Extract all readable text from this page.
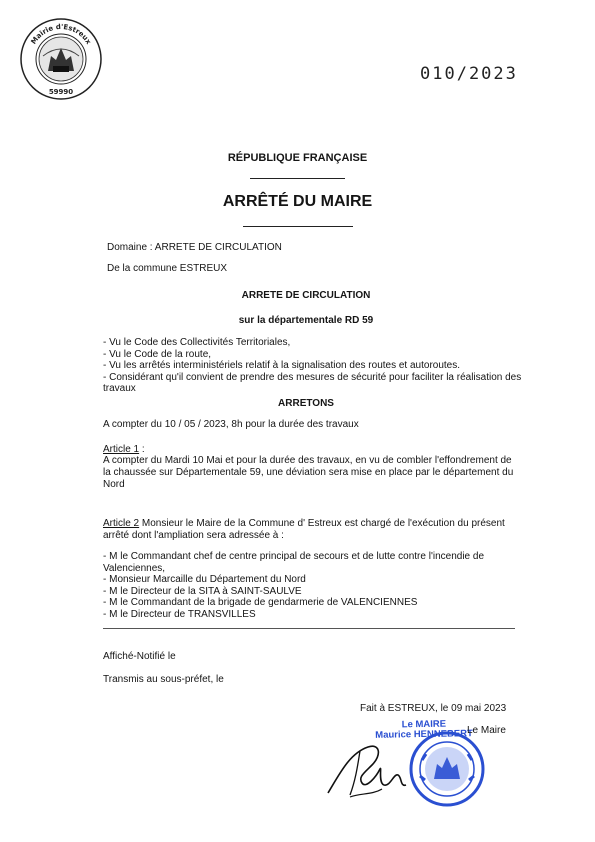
Mairie d'Estreux
59990
010/2023
RÉPUBLIQUE FRANÇAISE
ARRÊTÉ DU MAIRE
Domaine : ARRETE DE CIRCULATION
De la commune ESTREUX
ARRETE DE CIRCULATION
sur la départementale RD 59
- Vu le Code des Collectivités Territoriales,
- Vu le Code de la route,
- Vu les arrêtés interministériels relatif à la signalisation des routes et autoroutes.
- Considérant qu'il convient de prendre des mesures de sécurité pour faciliter la réalisation des travaux
ARRETONS
A compter du 10 / 05 / 2023, 8h pour la durée des travaux
Article 1 :
A compter du Mardi 10 Mai et pour la durée des travaux, en vu de combler l'effondrement de la chaussée sur Départementale 59, une déviation sera mise en place par le département du Nord
Article 2 Monsieur le Maire de la Commune d' Estreux est chargé de l'exécution du présent arrêté dont l'ampliation sera adressée à :
- M le Commandant chef de centre principal de secours et de lutte contre l'incendie de Valenciennes,
- Monsieur Marcaille du Département du Nord
- M le Directeur de la SITA à SAINT-SAULVE
- M le Commandant de la brigade de gendarmerie de VALENCIENNES
- M le Directeur de TRANSVILLES
Affiché-Notifié le
Transmis au sous-préfet, le
Fait à ESTREUX, le 09 mai 2023
Le MAIRE
Maurice HENNEBERT
Le Maire
